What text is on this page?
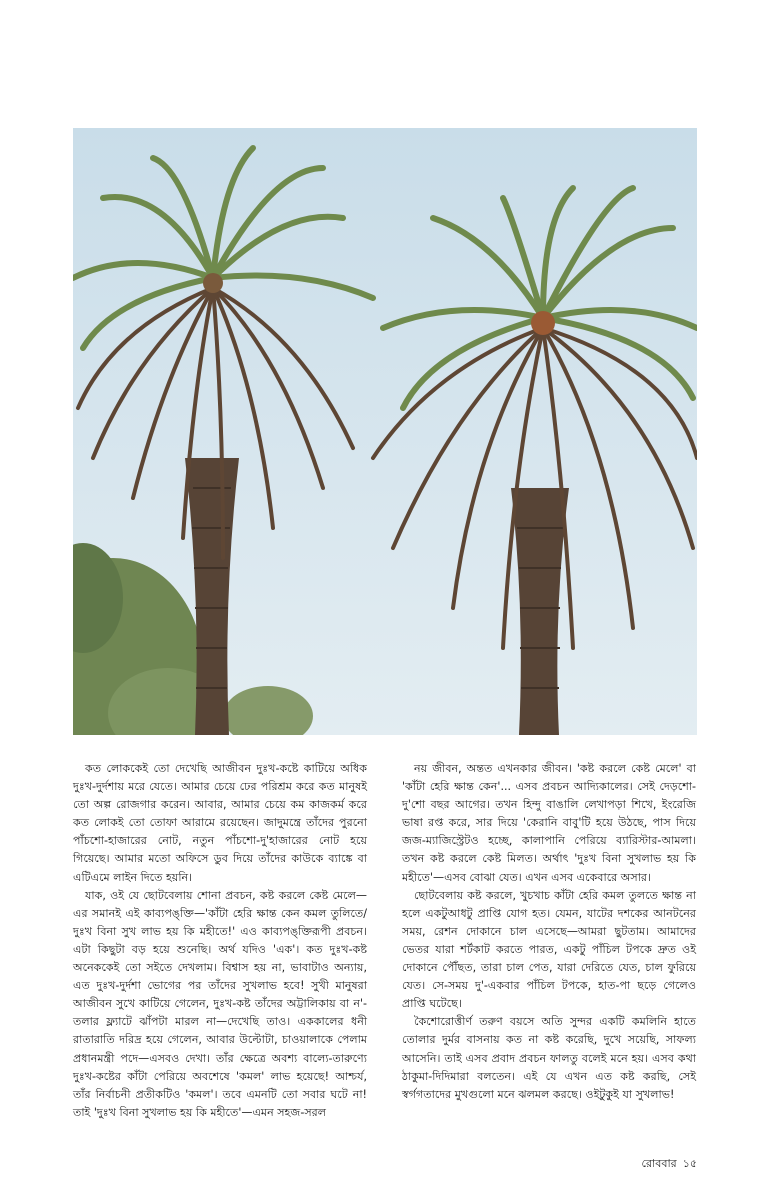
কত লোককেই তো দেখেছি আজীবন দুঃখ-কষ্টে কাটিয়ে অধিক দুঃখ-দুর্দশায় মরে যেতে। আমার চেয়ে ঢের পরিশ্রম করে কত মানুষই তো অল্প রোজগার করেন। আবার, আমার চেয়ে কম কাজকর্ম করে কত লোকই তো তোফা আরামে রয়েছেন। জাদুমন্ত্রে তাঁদের পুরনো পাঁচশো-হাজারের নোট, নতুন পাঁচশো-দু'হাজারের নোট হয়ে গিয়েছে। আমার মতো অফিসে ডুব দিয়ে তাঁদের কাউকে ব্যাঙ্কে বা এটিএমে লাইন দিতে হয়নি।

যাক, ওই যে ছোটবেলায় শোনা প্রবচন, কষ্ট করলে কেষ্ট মেলে—এর সমানই এই কাব্যপঙ্‌ক্তি—'কাঁটা হেরি ক্ষান্ত কেন কমল তুলিতে/ দুঃখ বিনা সুখ লাভ হয় কি মহীতে!' এও কাব্যপঙ্‌ক্তিরূপী প্রবচন। এটা কিছুটা বড় হয়ে শুনেছি। অর্থ যদিও 'এক'। কত দুঃখ-কষ্ট অনেককেই তো সইতে দেখলাম। বিশ্বাস হয় না, ভাবাটাও অন্যায়, এত দুঃখ-দুর্দশা ভোগের পর তাঁদের সুখলাভ হবে! সুখী মানুষরা আজীবন সুখে কাটিয়ে গেলেন, দুঃখ-কষ্ট তাঁদের অট্টালিকায় বা ন'-তলার ফ্ল্যাটে ঝাঁপটা মারল না—দেখেছি তাও। এককালের ধনী রাতারাতি দরিদ্র হয়ে গেলেন, আবার উল্টোটা, চাওয়ালাকে পেলাম প্রধানমন্ত্রী পদে—এসবও দেখা। তাঁর ক্ষেত্রে অবশ্য বাল্যে-তারুণ্যে দুঃখ-কষ্টের কাঁটা পেরিয়ে অবশেষে 'কমল' লাভ হয়েছে! আশ্চর্য, তাঁর নির্বাচনী প্রতীকটিও 'কমল'। তবে এমনটি তো সবার ঘটে না! তাই 'দুঃখ বিনা সুখলাভ হয় কি মহীতে'—এমন সহজ-সরল

নয় জীবন, অন্তত এখনকার জীবন। 'কষ্ট করলে কেষ্ট মেলে' বা 'কাঁটা হেরি ক্ষান্ত কেন'... এসব প্রবচন আদ্যিকালের। সেই দেড়শো-দু'শো বছর আগের। তখন হিন্দু বাঙালি লেখাপড়া শিখে, ইংরেজি ভাষা রপ্ত করে, সার দিয়ে 'কেরানি বাবু'টি হয়ে উঠছে, পাস দিয়ে জজ-ম্যাজিস্ট্রেটও হচ্ছে, কালাপানি পেরিয়ে ব্যারিস্টার-আমলা। তখন কষ্ট করলে কেষ্ট মিলত। অর্থাৎ 'দুঃখ বিনা সুখলাভ হয় কি মহীতে'—এসব বোঝা যেত। এখন এসব একেবারে অসার।

ছোটবেলায় কষ্ট করলে, খুচখাচ কাঁটা হেরি কমল তুলতে ক্ষান্ত না হলে একটুআধটু প্রাপ্তি যোগ হত। যেমন, যাটের দশকের আনটনের সময়, রেশন দোকানে চাল এসেছে—আমরা ছুটতাম। আমাদের ভেতর যারা শর্টকাট করতে পারত, একটু পাঁচিল টপকে দ্রুত ওই দোকানে পৌঁছত, তারা চাল পেত, যারা দেরিতে যেত, চাল ফুরিয়ে যেত। সে-সময় দু'-একবার পাঁচিল টপকে, হাত-পা ছড়ে গেলেও প্রাপ্তি ঘটেছে।

কৈশোরোত্তীর্ণ তরুণ বয়সে অতি সুন্দর একটি কমলিনি হাতে তোলার দুর্মর বাসনায় কত না কষ্ট করেছি, দুখে সয়েছি, সাফল্য আসেনি। তাই এসব প্রবাদ প্রবচন ফালতু বলেই মনে হয়। এসব কথা ঠাকুমা-দিদিমারা বলতেন। এই যে এখন এত কষ্ট করছি, সেই স্বর্গগতাদের মুখগুলো মনে ঝলমল করছে। ওইটুকুই যা সুখলাভ!

রোববার ১৫
